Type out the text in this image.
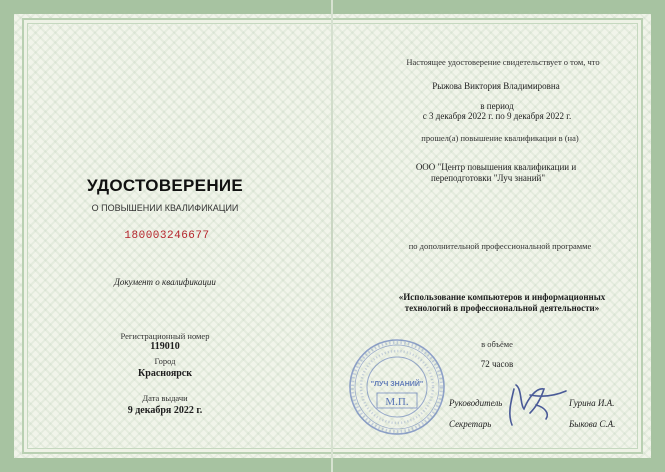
УДОСТОВЕРЕНИЕ
О ПОВЫШЕНИИ КВАЛИФИКАЦИИ
180003246677
Документ о квалификации
Регистрационный номер
119010
Город
Красноярск
Дата выдачи
9 декабря 2022 г.
Настоящее удостоверение свидетельствует о том, что
Рыжова Виктория Владимировна
в период
с 3 декабря 2022 г. по 9 декабря 2022 г.
прошел(а) повышение квалификации в (на)
ООО "Центр повышения квалификации и
переподготовки "Луч знаний"
по дополнительной профессиональной программе
«Использование компьютеров и информационных
технологий в профессиональной деятельности»
в объёме
72 часов
Руководитель	Гурина И.А.
Секретарь	Быкова С.А.
"ЛУЧ ЗНАНИЙ"
М.П.
